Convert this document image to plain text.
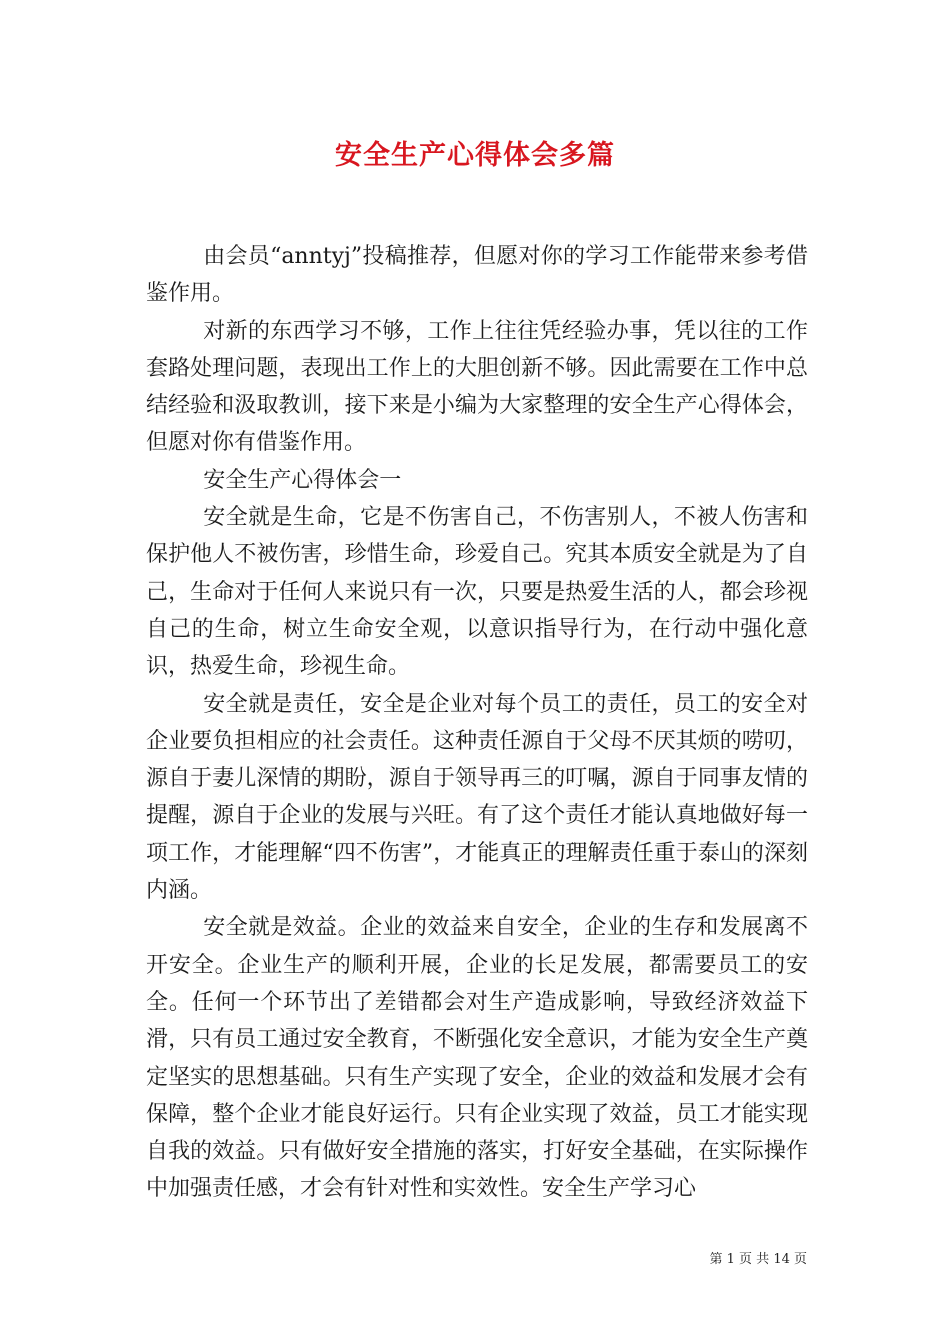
安全生产心得体会多篇

由会员“anntyj”投稿推荐，但愿对你的学习工作能带来参考借鉴作用。

对新的东西学习不够，工作上往往凭经验办事，凭以往的工作套路处理问题，表现出工作上的大胆创新不够。因此需要在工作中总结经验和汲取教训，接下来是小编为大家整理的安全生产心得体会，但愿对你有借鉴作用。

安全生产心得体会一

安全就是生命，它是不伤害自己，不伤害别人，不被人伤害和保护他人不被伤害，珍惜生命，珍爱自己。究其本质安全就是为了自己，生命对于任何人来说只有一次，只要是热爱生活的人，都会珍视自己的生命，树立生命安全观，以意识指导行为，在行动中强化意识，热爱生命，珍视生命。

安全就是责任，安全是企业对每个员工的责任，员工的安全对企业要负担相应的社会责任。这种责任源自于父母不厌其烦的唠叨，源自于妻儿深情的期盼，源自于领导再三的叮嘱，源自于同事友情的提醒，源自于企业的发展与兴旺。有了这个责任才能认真地做好每一项工作，才能理解“四不伤害”，才能真正的理解责任重于泰山的深刻内涵。

安全就是效益。企业的效益来自安全，企业的生存和发展离不开安全。企业生产的顺利开展，企业的长足发展，都需要员工的安全。任何一个环节出了差错都会对生产造成影响，导致经济效益下滑，只有员工通过安全教育，不断强化安全意识，才能为安全生产奠定坚实的思想基础。只有生产实现了安全，企业的效益和发展才会有保障，整个企业才能良好运行。只有企业实现了效益，员工才能实现自我的效益。只有做好安全措施的落实，打好安全基础，在实际操作中加强责任感，才会有针对性和实效性。安全生产学习心

第 1 页 共 14 页
